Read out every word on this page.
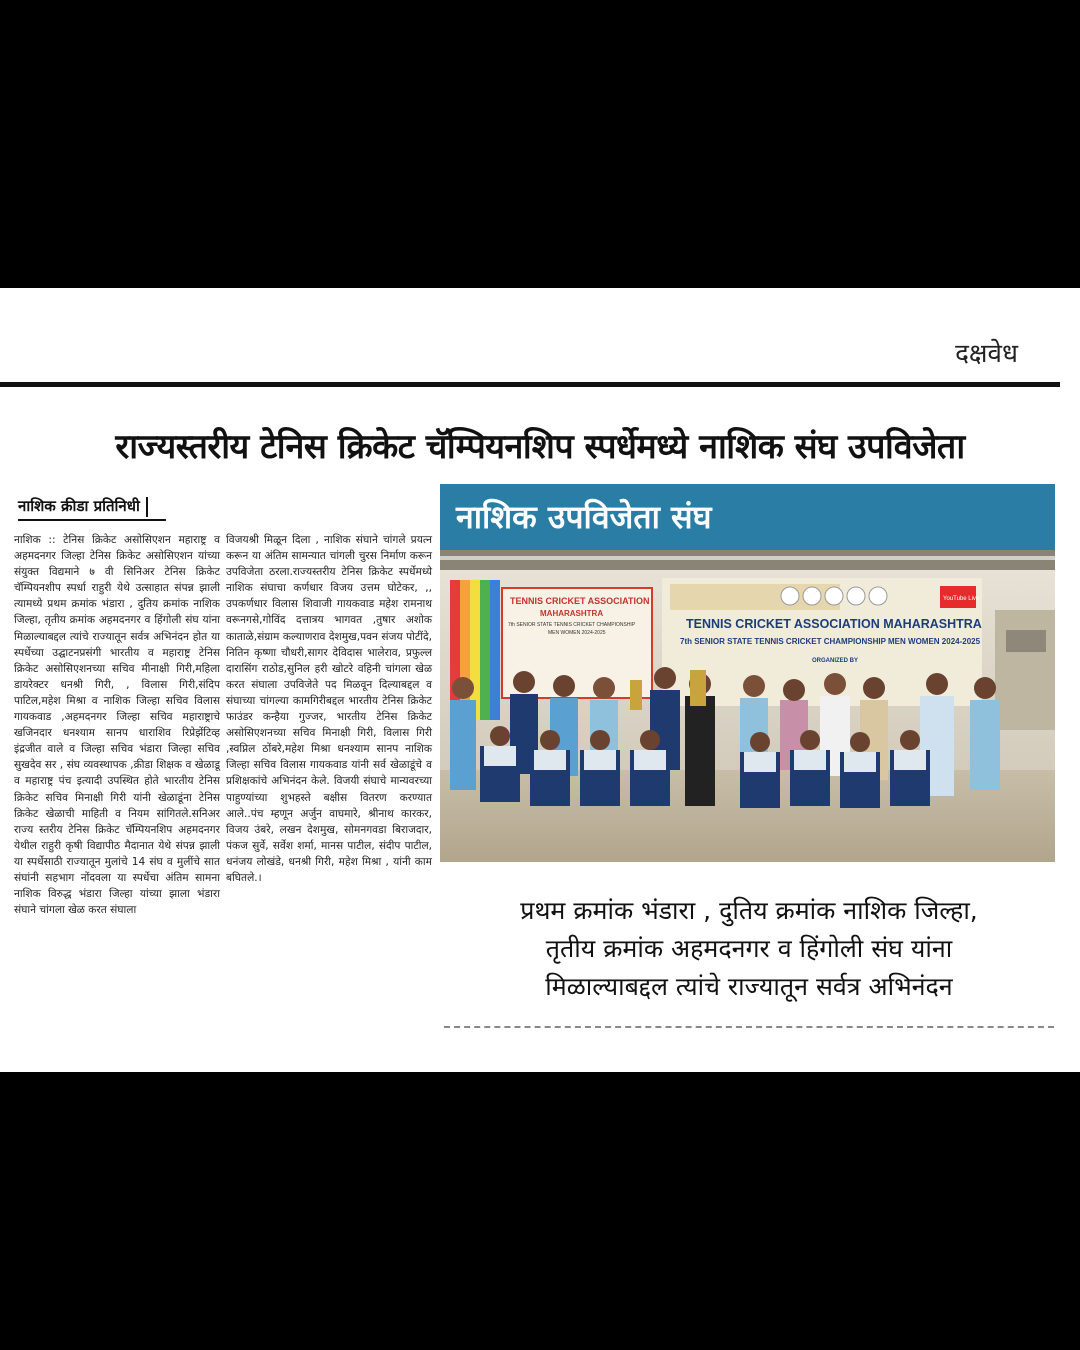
दक्षवेध
राज्यस्तरीय टेनिस क्रिकेट चॅम्पियनशिप स्पर्धेमध्ये नाशिक संघ उपविजेता
नाशिक क्रीडा प्रतिनिधी
नाशिक :: टेनिस क्रिकेट असोसिएशन महाराष्ट्र व अहमदनगर जिल्हा टेनिस क्रिकेट असोसिएशन यांच्या संयुक्त विद्यमाने ७ वी सिनिअर टेनिस क्रिकेट चॅम्पियनशीप स्पर्धा राहुरी येथे उत्साहात संपन्न झाली त्यामध्ये प्रथम क्रमांक भंडारा , दुतिय क्रमांक नाशिक जिल्हा, तृतीय क्रमांक अहमदनगर व हिंगोली संघ यांना मिळाल्याबद्दल त्यांचे राज्यातून सर्वत्र अभिनंदन होत या स्पर्धेच्या उद्घाटनप्रसंगी भारतीय व महाराष्ट्र टेनिस क्रिकेट असोसिएशनच्या सचिव मीनाक्षी गिरी,महिला डायरेक्टर धनश्री गिरी, , विलास गिरी,संदिप पाटिल,महेश मिश्रा व नाशिक जिल्हा सचिव विलास गायकवाड ,अहमदनगर जिल्हा सचिव महाराष्ट्राचे खजिनदार धनश्याम सानप धाराशिव रिप्रेझेंटिव्ह इंद्रजीत वाले व जिल्हा सचिव भंडारा जिल्हा सचिव सुखदेव सर , संघ व्यवस्थापक ,क्रीडा शिक्षक व खेळाडू व महाराष्ट्र पंच इत्यादी उपस्थित होते भारतीय टेनिस क्रिकेट सचिव मिनाक्षी गिरी यांनी खेळाडूंना टेनिस क्रिकेट खेळाची माहिती व नियम सांगितले.सनिअर राज्य स्तरीय टेनिस क्रिकेट चॅम्पियनशिप अहमदनगर येथील राहुरी कृषी विद्यापीठ मैदानात येथे संपन्न झाली या स्पर्धेसाठी राज्यातून मुलांचे 14 संघ व मुलींचे सात संघांनी सहभाग नोंदवला या स्पर्धेचा अंतिम सामना नाशिक विरुद्ध भंडारा जिल्हा यांच्या झाला भंडारा संघाने चांगला खेळ करत संघाला
विजयश्री मिळून दिला , नाशिक संघाने चांगले प्रयत्न करून या अंतिम सामन्यात चांगली चुरस निर्माण करून उपविजेता ठरला.राज्यस्तरीय टेनिस क्रिकेट स्पर्धेमध्ये नाशिक संघाचा कर्णधार विजय उत्तम घोटेकर, ,, उपकर्णधार विलास शिवाजी गायकवाड महेश रामनाथ वरूनगसे,गोविंद दत्तात्रय भागवत ,तुषार अशोक काताळे,संग्राम कल्याणराव देशमुख,पवन संजय पोटींदे, नितिन कृष्णा चौधरी,सागर देविदास भालेराव, प्रफुल्ल दारासिंग राठोड,सुनिल हरी खोटरे वहिनी चांगला खेळ करत संघाला उपविजेते पद मिळवून दिल्याबद्दल व संघाच्या चांगल्या कामगिरीबद्दल भारतीय टेनिस क्रिकेट फाउंडर कन्हैया गुज्जर, भारतीय टेनिस क्रिकेट असोसिएशनच्या सचिव मिनाक्षी गिरी, विलास गिरी ,स्वप्निल ठोंबरे,महेश मिश्रा धनश्याम सानप नाशिक जिल्हा सचिव विलास गायकवाड यांनी सर्व खेळाडूंचे व प्रशिक्षकांचे अभिनंदन केले. विजयी संघाचे मान्यवरच्या पाहुण्यांच्या शुभहस्ते बक्षीस वितरण करण्यात आले..पंच म्हणून अर्जुन वाघमारे, श्रीनाथ कारकर, विजय उंबरे, लखन देशमुख, सोमनगवडा बिराजदार, पंकज सुर्वे, सर्वेश शर्मा, मानस पाटील, संदीप पाटील, धनंजय लोखंडे, धनश्री गिरी, महेश मिश्रा , यांनी काम बघितले.।
नाशिक उपविजेता संघ
TENNIS CRICKET ASSOCIATION
MAHARASHTRA
7th SENIOR STATE TENNIS CRICKET CHAMPIONSHIP
MEN WOMEN 2024-2025
TENNIS CRICKET ASSOCIATION MAHARASHTRA
7th SENIOR STATE TENNIS CRICKET CHAMPIONSHIP MEN WOMEN 2024-2025
ORGANIZED BY
YouTube Live
प्रथम क्रमांक भंडारा , दुतिय क्रमांक नाशिक जिल्हा,
तृतीय क्रमांक अहमदनगर व हिंगोली संघ यांना
मिळाल्याबद्दल त्यांचे राज्यातून सर्वत्र अभिनंदन
